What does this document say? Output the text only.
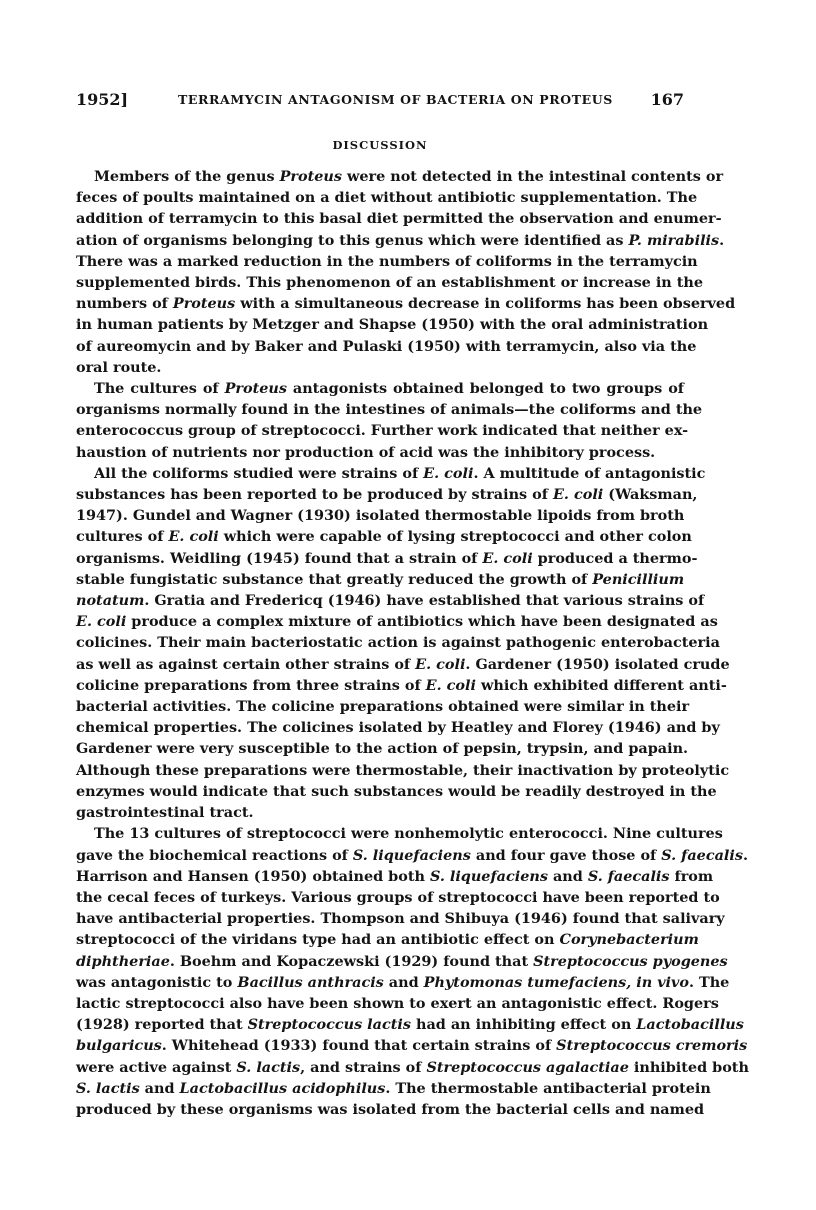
1952]	TERRAMYCIN ANTAGONISM OF BACTERIA ON PROTEUS 167
DISCUSSION
Members of the genus Proteus were not detected in the intestinal contents or
feces of poults maintained on a diet without antibiotic supplementation. The
addition of terramycin to this basal diet permitted the observation and enumer-
ation of organisms belonging to this genus which were identified as P. mirabilis.
There was a marked reduction in the numbers of coliforms in the terramycin
supplemented birds. This phenomenon of an establishment or increase in the
numbers of Proteus with a simultaneous decrease in coliforms has been observed
in human patients by Metzger and Shapse (1950) with the oral administration
of aureomycin and by Baker and Pulaski (1950) with terramycin, also via the
oral route.
The cultures of Proteus antagonists obtained belonged to two groups of
organisms normally found in the intestines of animals—the coliforms and the
enterococcus group of streptococci. Further work indicated that neither ex-
haustion of nutrients nor production of acid was the inhibitory process.
All the coliforms studied were strains of E. coli. A multitude of antagonistic
substances has been reported to be produced by strains of E. coli (Waksman,
1947). Gundel and Wagner (1930) isolated thermostable lipoids from broth
cultures of E. coli which were capable of lysing streptococci and other colon
organisms. Weidling (1945) found that a strain of E. coli produced a thermo-
stable fungistatic substance that greatly reduced the growth of Penicillium
notatum. Gratia and Fredericq (1946) have established that various strains of
E. coli produce a complex mixture of antibiotics which have been designated as
colicines. Their main bacteriostatic action is against pathogenic enterobacteria
as well as against certain other strains of E. coli. Gardener (1950) isolated crude
colicine preparations from three strains of E. coli which exhibited different anti-
bacterial activities. The colicine preparations obtained were similar in their
chemical properties. The colicines isolated by Heatley and Florey (1946) and by
Gardener were very susceptible to the action of pepsin, trypsin, and papain.
Although these preparations were thermostable, their inactivation by proteolytic
enzymes would indicate that such substances would be readily destroyed in the
gastrointestinal tract.
The 13 cultures of streptococci were nonhemolytic enterococci. Nine cultures
gave the biochemical reactions of S. liquefaciens and four gave those of S. faecalis.
Harrison and Hansen (1950) obtained both S. liquefaciens and S. faecalis from
the cecal feces of turkeys. Various groups of streptococci have been reported to
have antibacterial properties. Thompson and Shibuya (1946) found that salivary
streptococci of the viridans type had an antibiotic effect on Corynebacterium
diphtheriae. Boehm and Kopaczewski (1929) found that Streptococcus pyogenes
was antagonistic to Bacillus anthracis and Phytomonas tumefaciens, in vivo. The
lactic streptococci also have been shown to exert an antagonistic effect. Rogers
(1928) reported that Streptococcus lactis had an inhibiting effect on Lactobacillus
bulgaricus. Whitehead (1933) found that certain strains of Streptococcus cremoris
were active against S. lactis, and strains of Streptococcus agalactiae inhibited both
S. lactis and Lactobacillus acidophilus. The thermostable antibacterial protein
produced by these organisms was isolated from the bacterial cells and named
